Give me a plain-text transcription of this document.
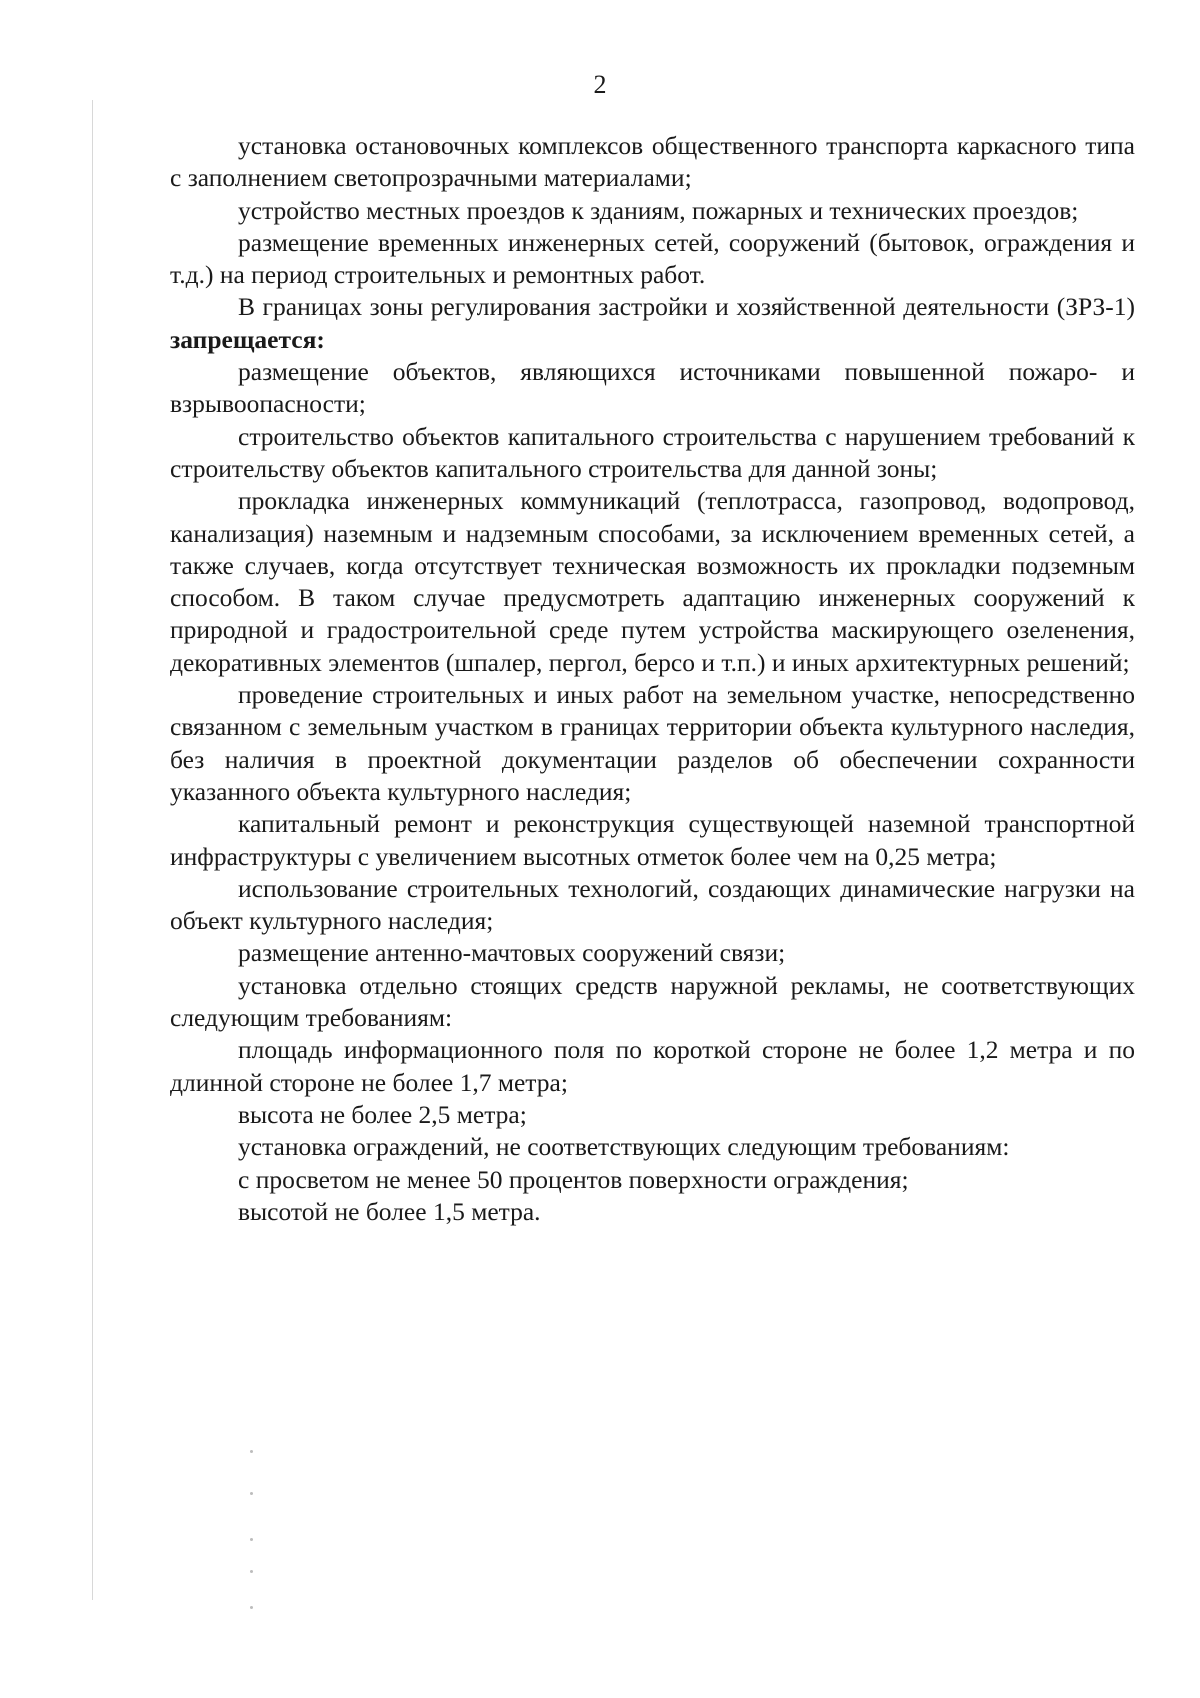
2

установка остановочных комплексов общественного транспорта каркасного типа с заполнением светопрозрачными материалами;

устройство местных проездов к зданиям, пожарных и технических проездов;

размещение временных инженерных сетей, сооружений (бытовок, ограждения и т.д.) на период строительных и ремонтных работ.

В границах зоны регулирования застройки и хозяйственной деятельности (ЗРЗ-1) запрещается:

размещение объектов, являющихся источниками повышенной пожаро- и взрывоопасности;

строительство объектов капитального строительства с нарушением требований к строительству объектов капитального строительства для данной зоны;

прокладка инженерных коммуникаций (теплотрасса, газопровод, водопровод, канализация) наземным и надземным способами, за исключением временных сетей, а также случаев, когда отсутствует техническая возможность их прокладки подземным способом. В таком случае предусмотреть адаптацию инженерных сооружений к природной и градостроительной среде путем устройства маскирующего озеленения, декоративных элементов (шпалер, пергол, берсо и т.п.) и иных архитектурных решений;

проведение строительных и иных работ на земельном участке, непосредственно связанном с земельным участком в границах территории объекта культурного наследия, без наличия в проектной документации разделов об обеспечении сохранности указанного объекта культурного наследия;

капитальный ремонт и реконструкция существующей наземной транспортной инфраструктуры с увеличением высотных отметок более чем на 0,25 метра;

использование строительных технологий, создающих динамические нагрузки на объект культурного наследия;

размещение антенно-мачтовых сооружений связи;

установка отдельно стоящих средств наружной рекламы, не соответствующих следующим требованиям:

площадь информационного поля по короткой стороне не более 1,2 метра и по длинной стороне не более 1,7 метра;

высота не более 2,5 метра;

установка ограждений, не соответствующих следующим требованиям:

с просветом не менее 50 процентов поверхности ограждения;

высотой не более 1,5 метра.
